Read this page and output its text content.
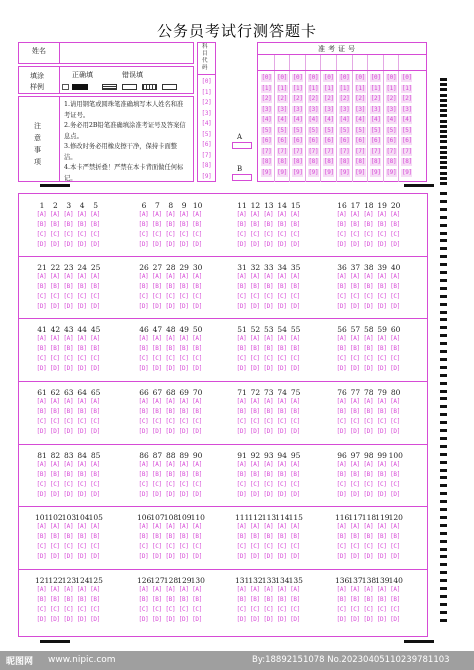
公务员考试行测答题卡
姓名
填涂样例
正确填	错误填
注意事项
1.请用钢笔或圆珠笔准确填写本人姓名和准考证号。
2.务必用2B铅笔准确填涂准考证号及答案信息点。
3.修改时务必用橡皮擦干净，保持卡面整洁。
4.本卡严禁折叠！严禁在本卡背面做任何标记。
科目代码
A
B
准考证号
昵图网 www.nipic.com	By:18892151078 No.20230405110239781103
[0]
[1]
[2]
[3]
[4]
[5]
[6]
[7]
[8]
[9]
[0]
[1]
[2]
[3]
[4]
[5]
[6]
[7]
[8]
[9]
[0]
[1]
[2]
[3]
[4]
[5]
[6]
[7]
[8]
[9]
[0]
[1]
[2]
[3]
[4]
[5]
[6]
[7]
[8]
[9]
[0]
[1]
[2]
[3]
[4]
[5]
[6]
[7]
[8]
[9]
[0]
[1]
[2]
[3]
[4]
[5]
[6]
[7]
[8]
[9]
[0]
[1]
[2]
[3]
[4]
[5]
[6]
[7]
[8]
[9]
[0]
[1]
[2]
[3]
[4]
[5]
[6]
[7]
[8]
[9]
[0]
[1]
[2]
[3]
[4]
[5]
[6]
[7]
[8]
[9]
[0]
[1]
[2]
[3]
[4]
[5]
[6]
[7]
[8]
[9]
[0]
[1]
[2]
[3]
[4]
[5]
[6]
[7]
[8]
[9]
1
[A]
[B]
[C]
[D]
2
[A]
[B]
[C]
[D]
3
[A]
[B]
[C]
[D]
4
[A]
[B]
[C]
[D]
5
[A]
[B]
[C]
[D]
6
[A]
[B]
[C]
[D]
7
[A]
[B]
[C]
[D]
8
[A]
[B]
[C]
[D]
9
[A]
[B]
[C]
[D]
10
[A]
[B]
[C]
[D]
11
[A]
[B]
[C]
[D]
12
[A]
[B]
[C]
[D]
13
[A]
[B]
[C]
[D]
14
[A]
[B]
[C]
[D]
15
[A]
[B]
[C]
[D]
16
[A]
[B]
[C]
[D]
17
[A]
[B]
[C]
[D]
18
[A]
[B]
[C]
[D]
19
[A]
[B]
[C]
[D]
20
[A]
[B]
[C]
[D]
21
[A]
[B]
[C]
[D]
22
[A]
[B]
[C]
[D]
23
[A]
[B]
[C]
[D]
24
[A]
[B]
[C]
[D]
25
[A]
[B]
[C]
[D]
26
[A]
[B]
[C]
[D]
27
[A]
[B]
[C]
[D]
28
[A]
[B]
[C]
[D]
29
[A]
[B]
[C]
[D]
30
[A]
[B]
[C]
[D]
31
[A]
[B]
[C]
[D]
32
[A]
[B]
[C]
[D]
33
[A]
[B]
[C]
[D]
34
[A]
[B]
[C]
[D]
35
[A]
[B]
[C]
[D]
36
[A]
[B]
[C]
[D]
37
[A]
[B]
[C]
[D]
38
[A]
[B]
[C]
[D]
39
[A]
[B]
[C]
[D]
40
[A]
[B]
[C]
[D]
41
[A]
[B]
[C]
[D]
42
[A]
[B]
[C]
[D]
43
[A]
[B]
[C]
[D]
44
[A]
[B]
[C]
[D]
45
[A]
[B]
[C]
[D]
46
[A]
[B]
[C]
[D]
47
[A]
[B]
[C]
[D]
48
[A]
[B]
[C]
[D]
49
[A]
[B]
[C]
[D]
50
[A]
[B]
[C]
[D]
51
[A]
[B]
[C]
[D]
52
[A]
[B]
[C]
[D]
53
[A]
[B]
[C]
[D]
54
[A]
[B]
[C]
[D]
55
[A]
[B]
[C]
[D]
56
[A]
[B]
[C]
[D]
57
[A]
[B]
[C]
[D]
58
[A]
[B]
[C]
[D]
59
[A]
[B]
[C]
[D]
60
[A]
[B]
[C]
[D]
61
[A]
[B]
[C]
[D]
62
[A]
[B]
[C]
[D]
63
[A]
[B]
[C]
[D]
64
[A]
[B]
[C]
[D]
65
[A]
[B]
[C]
[D]
66
[A]
[B]
[C]
[D]
67
[A]
[B]
[C]
[D]
68
[A]
[B]
[C]
[D]
69
[A]
[B]
[C]
[D]
70
[A]
[B]
[C]
[D]
71
[A]
[B]
[C]
[D]
72
[A]
[B]
[C]
[D]
73
[A]
[B]
[C]
[D]
74
[A]
[B]
[C]
[D]
75
[A]
[B]
[C]
[D]
76
[A]
[B]
[C]
[D]
77
[A]
[B]
[C]
[D]
78
[A]
[B]
[C]
[D]
79
[A]
[B]
[C]
[D]
80
[A]
[B]
[C]
[D]
81
[A]
[B]
[C]
[D]
82
[A]
[B]
[C]
[D]
83
[A]
[B]
[C]
[D]
84
[A]
[B]
[C]
[D]
85
[A]
[B]
[C]
[D]
86
[A]
[B]
[C]
[D]
87
[A]
[B]
[C]
[D]
88
[A]
[B]
[C]
[D]
89
[A]
[B]
[C]
[D]
90
[A]
[B]
[C]
[D]
91
[A]
[B]
[C]
[D]
92
[A]
[B]
[C]
[D]
93
[A]
[B]
[C]
[D]
94
[A]
[B]
[C]
[D]
95
[A]
[B]
[C]
[D]
96
[A]
[B]
[C]
[D]
97
[A]
[B]
[C]
[D]
98
[A]
[B]
[C]
[D]
99
[A]
[B]
[C]
[D]
100
[A]
[B]
[C]
[D]
101
[A]
[B]
[C]
[D]
102
[A]
[B]
[C]
[D]
103
[A]
[B]
[C]
[D]
104
[A]
[B]
[C]
[D]
105
[A]
[B]
[C]
[D]
106
[A]
[B]
[C]
[D]
107
[A]
[B]
[C]
[D]
108
[A]
[B]
[C]
[D]
109
[A]
[B]
[C]
[D]
110
[A]
[B]
[C]
[D]
111
[A]
[B]
[C]
[D]
112
[A]
[B]
[C]
[D]
113
[A]
[B]
[C]
[D]
114
[A]
[B]
[C]
[D]
115
[A]
[B]
[C]
[D]
116
[A]
[B]
[C]
[D]
117
[A]
[B]
[C]
[D]
118
[A]
[B]
[C]
[D]
119
[A]
[B]
[C]
[D]
120
[A]
[B]
[C]
[D]
121
[A]
[B]
[C]
[D]
122
[A]
[B]
[C]
[D]
123
[A]
[B]
[C]
[D]
124
[A]
[B]
[C]
[D]
125
[A]
[B]
[C]
[D]
126
[A]
[B]
[C]
[D]
127
[A]
[B]
[C]
[D]
128
[A]
[B]
[C]
[D]
129
[A]
[B]
[C]
[D]
130
[A]
[B]
[C]
[D]
131
[A]
[B]
[C]
[D]
132
[A]
[B]
[C]
[D]
133
[A]
[B]
[C]
[D]
134
[A]
[B]
[C]
[D]
135
[A]
[B]
[C]
[D]
136
[A]
[B]
[C]
[D]
137
[A]
[B]
[C]
[D]
138
[A]
[B]
[C]
[D]
139
[A]
[B]
[C]
[D]
140
[A]
[B]
[C]
[D]
